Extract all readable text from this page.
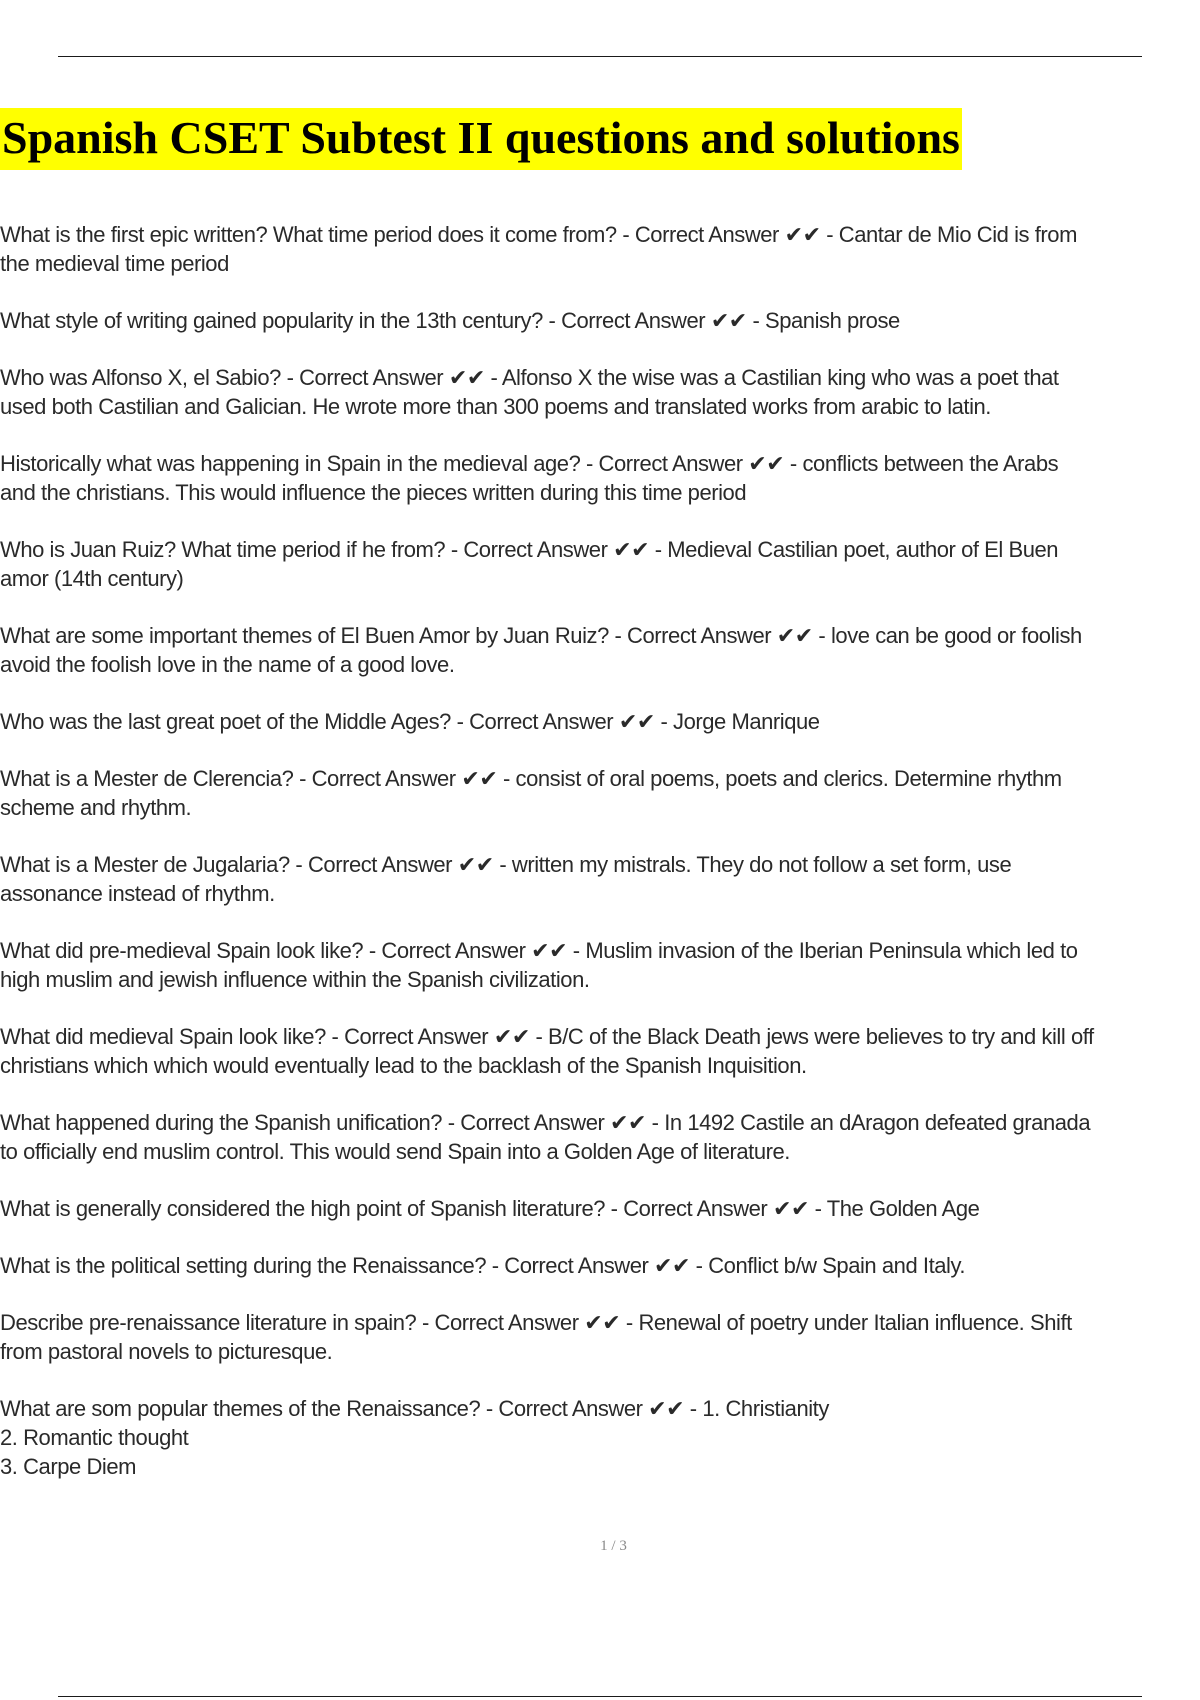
Spanish CSET Subtest II questions and solutions

What is the first epic written? What time period does it come from? - Correct Answer ✔✔ - Cantar de Mio Cid is from
the medieval time period

What style of writing gained popularity in the 13th century? - Correct Answer ✔✔ - Spanish prose

Who was Alfonso X, el Sabio? - Correct Answer ✔✔ - Alfonso X the wise was a Castilian king who was a poet that
used both Castilian and Galician. He wrote more than 300 poems and translated works from arabic to latin.

Historically what was happening in Spain in the medieval age? - Correct Answer ✔✔ - conflicts between the Arabs
and the christians. This would influence the pieces written during this time period

Who is Juan Ruiz? What time period if he from? - Correct Answer ✔✔ - Medieval Castilian poet, author of El Buen
amor (14th century)

What are some important themes of El Buen Amor by Juan Ruiz? - Correct Answer ✔✔ - love can be good or foolish
avoid the foolish love in the name of a good love.

Who was the last great poet of the Middle Ages? - Correct Answer ✔✔ - Jorge Manrique

What is a Mester de Clerencia? - Correct Answer ✔✔ - consist of oral poems, poets and clerics. Determine rhythm
scheme and rhythm.

What is a Mester de Jugalaria? - Correct Answer ✔✔ - written my mistrals. They do not follow a set form, use
assonance instead of rhythm.

What did pre-medieval Spain look like? - Correct Answer ✔✔ - Muslim invasion of the Iberian Peninsula which led to
high muslim and jewish influence within the Spanish civilization.

What did medieval Spain look like? - Correct Answer ✔✔ - B/C of the Black Death jews were believes to try and kill off
christians which which would eventually lead to the backlash of the Spanish Inquisition.

What happened during the Spanish unification? - Correct Answer ✔✔ - In 1492 Castile an dAragon defeated granada
to officially end muslim control. This would send Spain into a Golden Age of literature.

What is generally considered the high point of Spanish literature? - Correct Answer ✔✔ - The Golden Age

What is the political setting during the Renaissance? - Correct Answer ✔✔ - Conflict b/w Spain and Italy.

Describe pre-renaissance literature in spain? - Correct Answer ✔✔ - Renewal of poetry under Italian influence. Shift
from pastoral novels to picturesque.

What are som popular themes of the Renaissance? - Correct Answer ✔✔ - 1. Christianity
2. Romantic thought
3. Carpe Diem

1 / 3
